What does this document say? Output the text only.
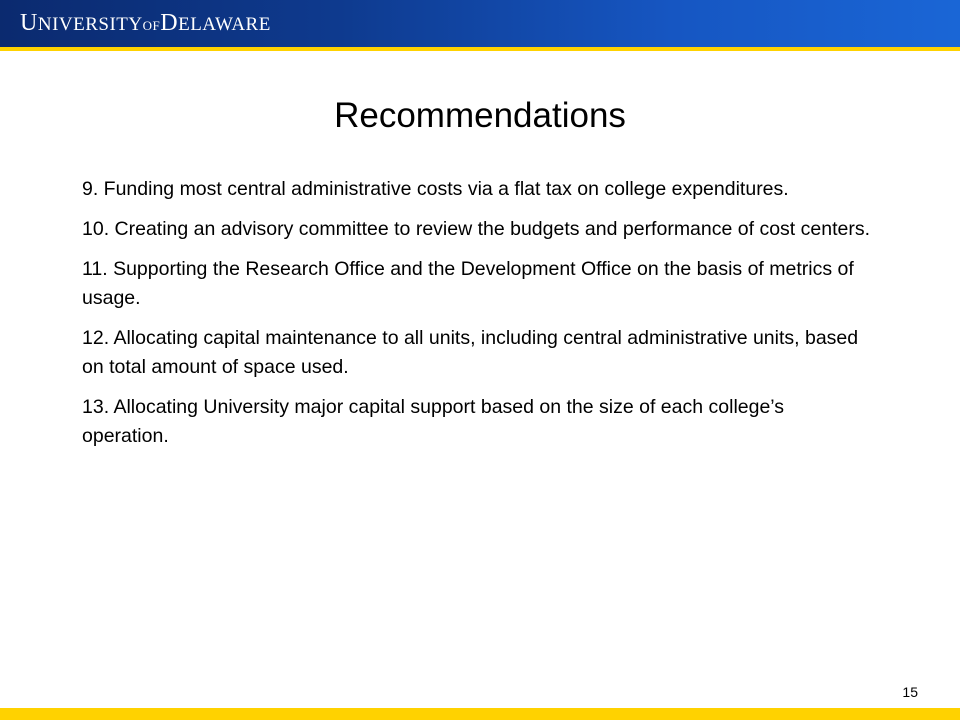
UNIVERSITYOFDELAWARE
Recommendations

9. Funding most central administrative costs via a flat tax on college expenditures.

10. Creating an advisory committee to review the budgets and performance of cost centers.

11. Supporting the Research Office and the Development Office on the basis of metrics of usage.

12. Allocating capital maintenance to all units, including central administrative units, based on total amount of space used.

13. Allocating University major capital support based on the size of each college’s operation.

15
